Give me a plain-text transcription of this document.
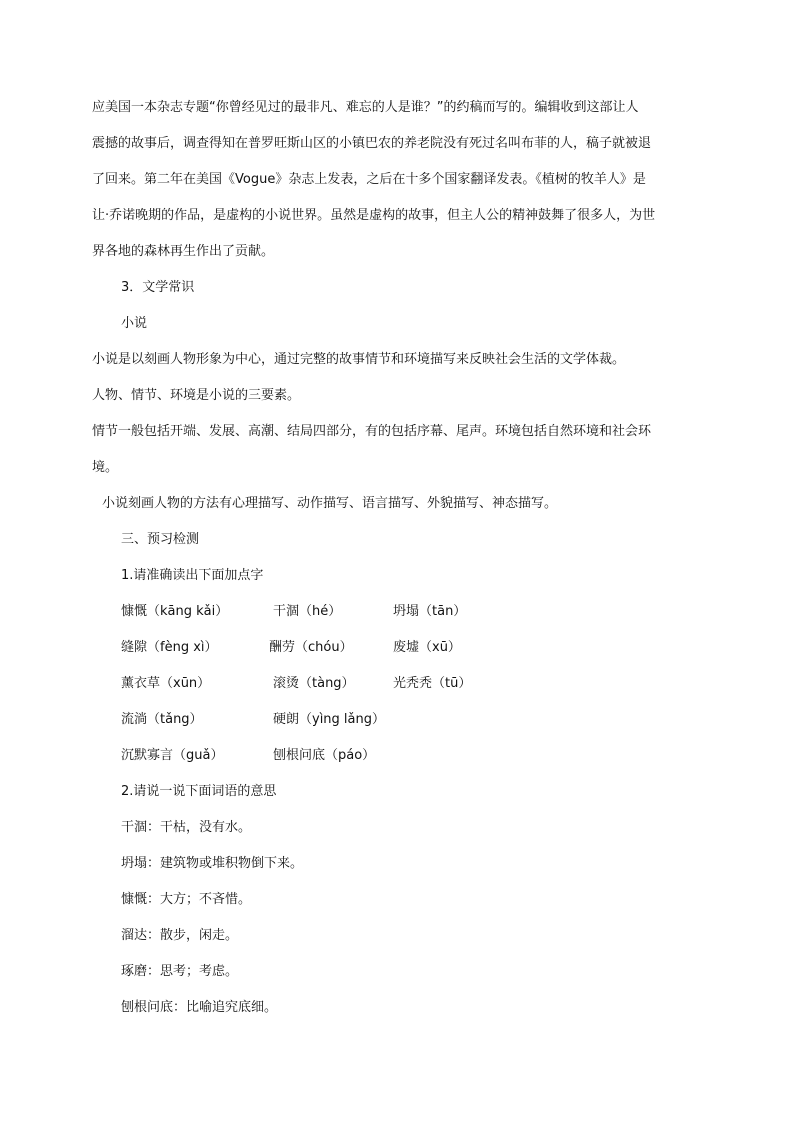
应美国一本杂志专题“你曾经见过的最非凡、难忘的人是谁？”的约稿而写的。编辑收到这部让人
震撼的故事后，调查得知在普罗旺斯山区的小镇巴农的养老院没有死过名叫布菲的人，稿子就被退
了回来。第二年在美国《Vogue》杂志上发表，之后在十多个国家翻译发表。《植树的牧羊人》是
让·乔诺晚期的作品，是虚构的小说世界。虽然是虚构的故事，但主人公的精神鼓舞了很多人，为世
界各地的森林再生作出了贡献。
3．文学常识
小说
小说是以刻画人物形象为中心，通过完整的故事情节和环境描写来反映社会生活的文学体裁。
人物、情节、环境是小说的三要素。
情节一般包括开端、发展、高潮、结局四部分，有的包括序幕、尾声。环境包括自然环境和社会环
境。
小说刻画人物的方法有心理描写、动作描写、语言描写、外貌描写、神态描写。
三、预习检测
1.请准确读出下面加点字
慷慨（kāng kǎi）	干涸（hé）	坍塌（tān）
缝隙（fèng xì）	酬劳（chóu）	废墟（xū）
薰衣草（xūn）	滚烫（tàng）	光秃秃（tū）
流淌（tǎng）	硬朗（yìng lǎng）
沉默寡言（guǎ）	刨根问底（páo）
2.请说一说下面词语的意思
干涸：干枯，没有水。
坍塌：建筑物或堆积物倒下来。
慷慨：大方；不吝惜。
溜达：散步，闲走。
琢磨：思考；考虑。
刨根问底：比喻追究底细。
